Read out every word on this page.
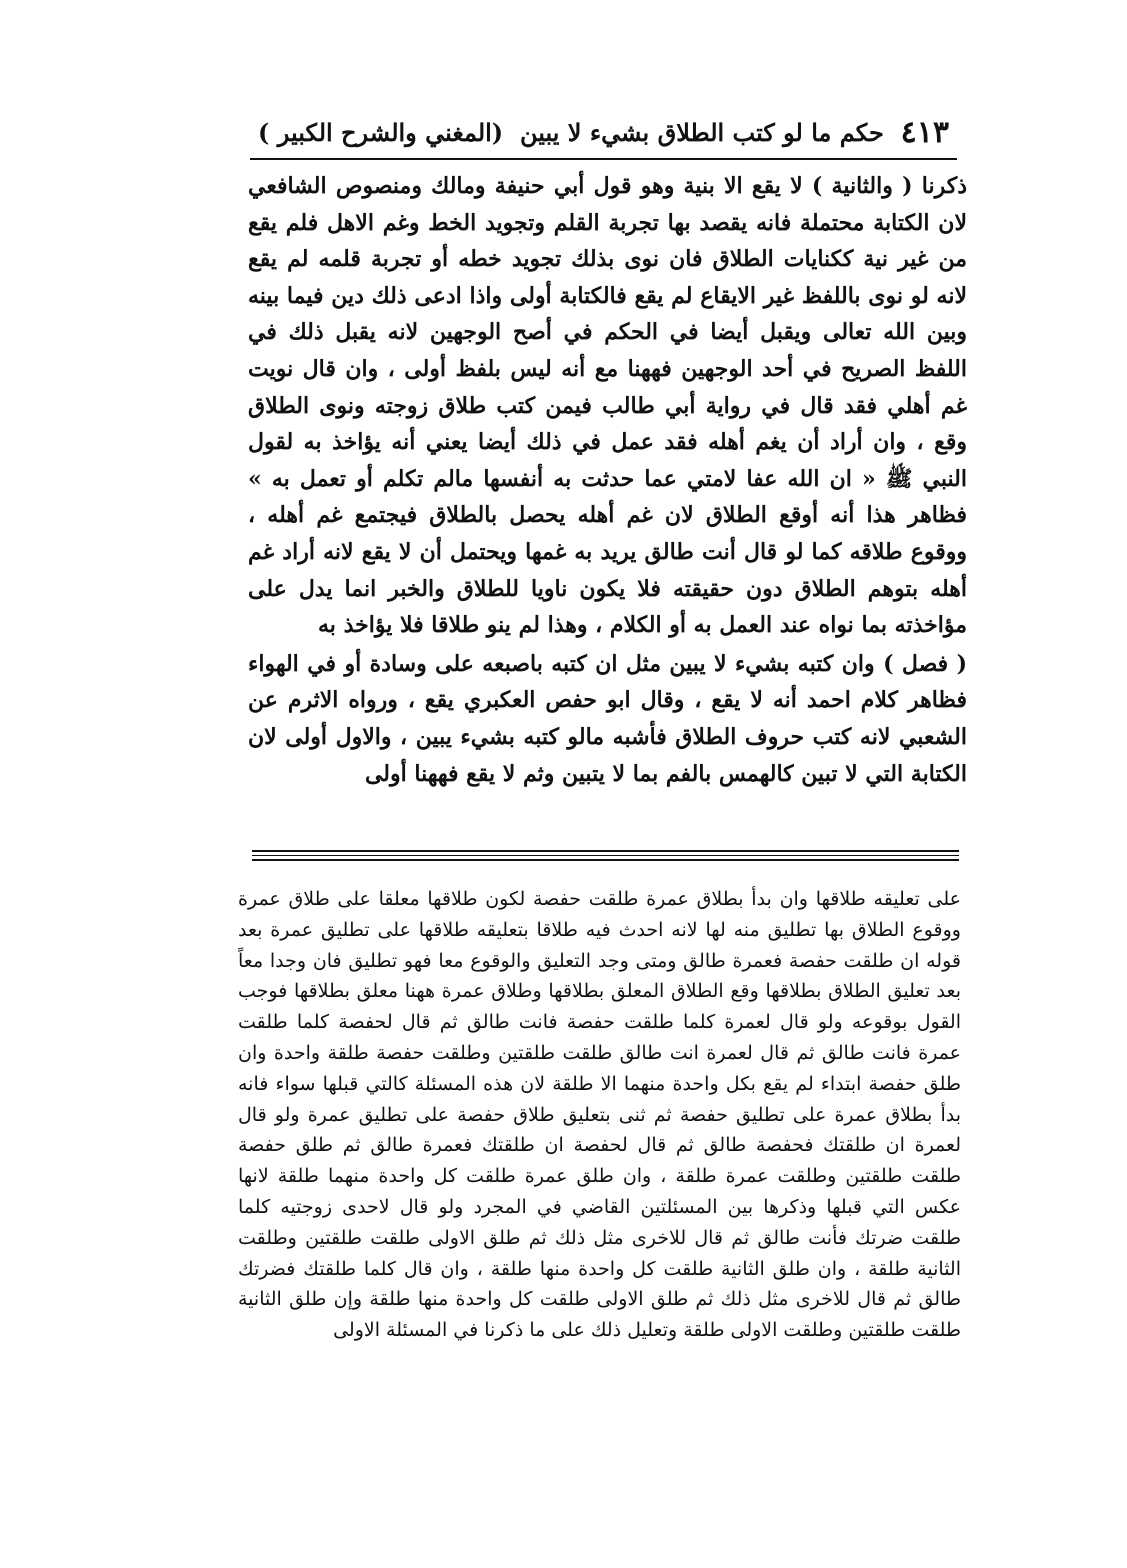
(المغني والشرح الكبير ) حكم ما لو كتب الطلاق بشيء لا يبين ٤١٣

ذكرنا ( والثانية ) لا يقع الا بنية وهو قول أبي حنيفة ومالك ومنصوص الشافعي لان الكتابة محتملة فانه يقصد بها تجربة القلم وتجويد الخط وغم الاهل فلم يقع من غير نية ككنايات الطلاق فان نوى بذلك تجويد خطه أو تجربة قلمه لم يقع لانه لو نوى باللفظ غير الايقاع لم يقع فالكتابة أولى واذا ادعى ذلك دين فيما بينه وبين الله تعالى ويقبل أيضا في الحكم في أصح الوجهين لانه يقبل ذلك في اللفظ الصريح في أحد الوجهين فههنا مع أنه ليس بلفظ أولى ، وان قال نويت غم أهلي فقد قال في رواية أبي طالب فيمن كتب طلاق زوجته ونوى الطلاق وقع ، وان أراد أن يغم أهله فقد عمل في ذلك أيضا يعني أنه يؤاخذ به لقول النبي ﷺ « ان الله عفا لامتي عما حدثت به أنفسها مالم تكلم أو تعمل به » فظاهر هذا أنه أوقع الطلاق لان غم أهله يحصل بالطلاق فيجتمع غم أهله ، ووقوع طلاقه كما لو قال أنت طالق يريد به غمها ويحتمل أن لا يقع لانه أراد غم أهله بتوهم الطلاق دون حقيقته فلا يكون ناويا للطلاق والخبر انما يدل على مؤاخذته بما نواه عند العمل به أو الكلام ، وهذا لم ينو طلاقا فلا يؤاخذ به

( فصل ) وان كتبه بشيء لا يبين مثل ان كتبه باصبعه على وسادة أو في الهواء فظاهر كلام احمد أنه لا يقع ، وقال ابو حفص العكبري يقع ، ورواه الاثرم عن الشعبي لانه كتب حروف الطلاق فأشبه مالو كتبه بشيء يبين ، والاول أولى لان الكتابة التي لا تبين كالهمس بالفم بما لا يتبين وثم لا يقع فههنا أولى

على تعليقه طلاقها وان بدأ بطلاق عمرة طلقت حفصة لكون طلاقها معلقا على طلاق عمرة ووقوع الطلاق بها تطليق منه لها لانه احدث فيه طلاقا بتعليقه طلاقها على تطليق عمرة بعد قوله ان طلقت حفصة فعمرة طالق ومتى وجد التعليق والوقوع معا فهو تطليق فان وجدا معاً بعد تعليق الطلاق بطلاقها وقع الطلاق المعلق بطلاقها وطلاق عمرة ههنا معلق بطلاقها فوجب القول بوقوعه ولو قال لعمرة كلما طلقت حفصة فانت طالق ثم قال لحفصة كلما طلقت عمرة فانت طالق ثم قال لعمرة انت طالق طلقت طلقتين وطلقت حفصة طلقة واحدة وان طلق حفصة ابتداء لم يقع بكل واحدة منهما الا طلقة لان هذه المسئلة كالتي قبلها سواء فانه بدأ بطلاق عمرة على تطليق حفصة ثم ثنى بتعليق طلاق حفصة على تطليق عمرة ولو قال لعمرة ان طلقتك فحفصة طالق ثم قال لحفصة ان طلقتك فعمرة طالق ثم طلق حفصة طلقت طلقتين وطلقت عمرة طلقة ، وان طلق عمرة طلقت كل واحدة منهما طلقة لانها عكس التي قبلها وذكرها بين المسئلتين القاضي في المجرد ولو قال لاحدى زوجتيه كلما طلقت ضرتك فأنت طالق ثم قال للاخرى مثل ذلك ثم طلق الاولى طلقت طلقتين وطلقت الثانية طلقة ، وان طلق الثانية طلقت كل واحدة منها طلقة ، وان قال كلما طلقتك فضرتك طالق ثم قال للاخرى مثل ذلك ثم طلق الاولى طلقت كل واحدة منها طلقة وإن طلق الثانية طلقت طلقتين وطلقت الاولى طلقة وتعليل ذلك على ما ذكرنا في المسئلة الاولى
